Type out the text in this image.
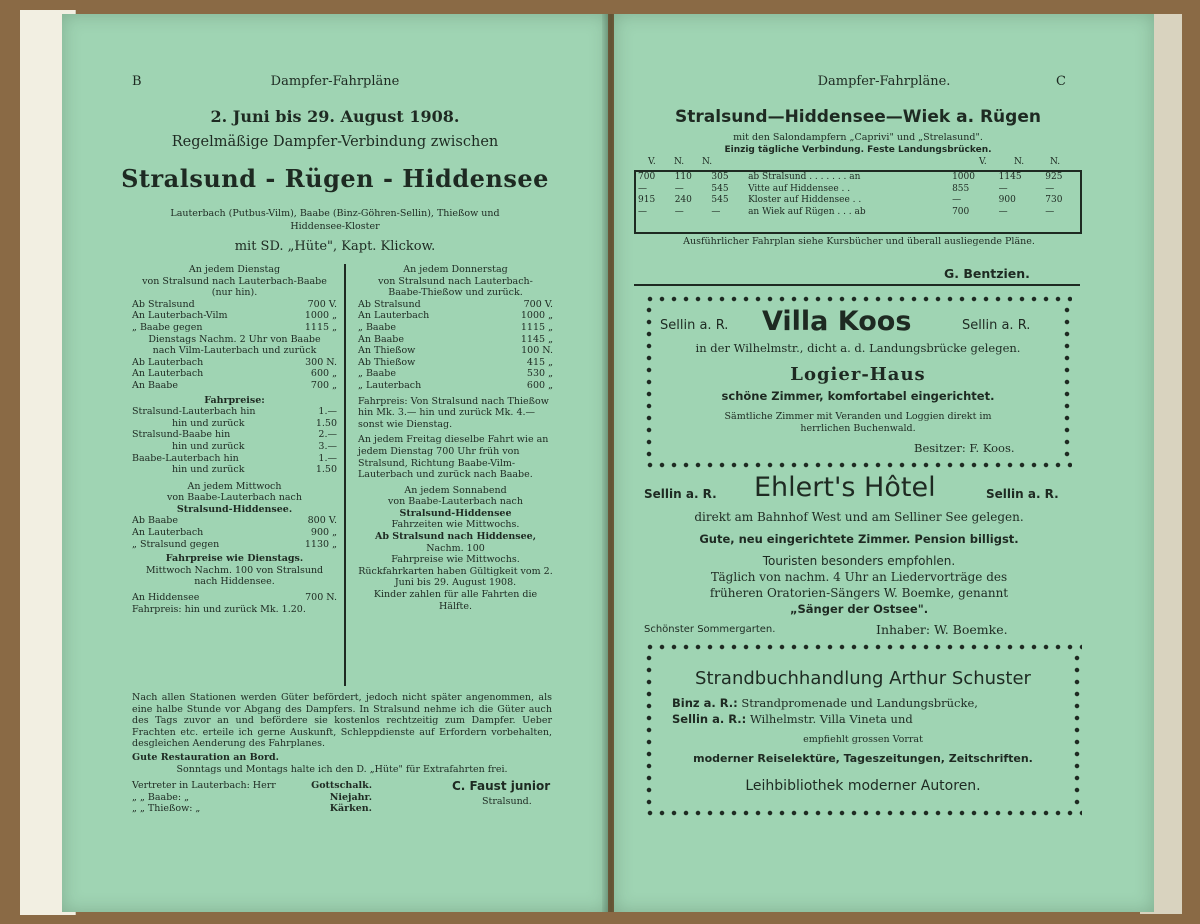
B	Dampfer-Fahrpläne
2. Juni bis 29. August 1908.
Regelmäßige Dampfer-Verbindung zwischen
Stralsund - Rügen - Hiddensee
Lauterbach (Putbus-Vilm), Baabe (Binz-Göhren-Sellin), Thießow und
Hiddensee-Kloster
mit SD. „Hüte", Kapt. Klickow.
An jedem Dienstag
von Stralsund nach Lauterbach-Baabe
(nur hin).
Ab Stralsund	700 V.
An Lauterbach-Vilm	1000 „
„ Baabe gegen	1115 „
Dienstags Nachm. 2 Uhr von Baabe
nach Vilm-Lauterbach und zurück
Ab Lauterbach	300 N.
An Lauterbach	600 „
An Baabe	700 „
Fahrpreise:
Stralsund-Lauterbach hin	1.—
hin und zurück	1.50
Stralsund-Baabe hin	2.—
hin und zurück	3.—
Baabe-Lauterbach hin	1.—
hin und zurück	1.50
An jedem Mittwoch
von Baabe-Lauterbach nach
Stralsund-Hiddensee.
Ab Baabe	800 V.
An Lauterbach	900 „
„ Stralsund gegen	1130 „
Fahrpreise wie Dienstags.
Mittwoch Nachm. 100 von Stralsund
nach Hiddensee.
An Hiddensee	700 N.
Fahrpreis: hin und zurück Mk. 1.20.
An jedem Donnerstag
von Stralsund nach Lauterbach-
Baabe-Thießow und zurück.
Ab Stralsund	700 V.
An Lauterbach	1000 „
„ Baabe	1115 „
An Baabe	1145 „
An Thießow	100 N.
Ab Thießow	415 „
„ Baabe	530 „
„ Lauterbach	600 „
Fahrpreis: Von Stralsund nach Thießow hin Mk. 3.— hin und zurück Mk. 4.— sonst wie Dienstag.
An jedem Freitag dieselbe Fahrt wie an jedem Dienstag 700 Uhr früh von Stralsund, Richtung Baabe-Vilm-Lauterbach und zurück nach Baabe.
An jedem Sonnabend
von Baabe-Lauterbach nach
Stralsund-Hiddensee
Fahrzeiten wie Mittwochs.
Ab Stralsund nach Hiddensee,
Nachm. 100
Fahrpreise wie Mittwochs.
Rückfahrkarten haben Gültigkeit vom 2. Juni bis 29. August 1908.
Kinder zahlen für alle Fahrten die Hälfte.
Nach allen Stationen werden Güter befördert, jedoch nicht später angenommen, als eine halbe Stunde vor Abgang des Dampfers. In Stralsund nehme ich die Güter auch des Tags zuvor an und befördere sie kostenlos rechtzeitig zum Dampfer. Ueber Frachten etc. erteile ich gerne Auskunft, Schleppdienste auf Erfordern vorbehalten, desgleichen Aenderung des Fahrplanes.
Gute Restauration an Bord.
Sonntags und Montags halte ich den D. „Hüte" für Extrafahrten frei.
Vertreter in Lauterbach: Herr	Gottschalk.
„ „ Baabe: „	Niejahr.
„ „ Thießow: „	Kärken.
C. Faust junior
Stralsund.
Dampfer-Fahrpläne.	C
Stralsund—Hiddensee—Wiek a. Rügen
mit den Salondampfern „Caprivi" und „Strelasund".
Einzig tägliche Verbindung. Feste Landungsbrücken.
V. N. N.	V.	N.	N.
700	110	305	ab Stralsund . . . . . . . an	1000	1145	925
—	—	545	Vitte auf Hiddensee . .	855	—	—
915	240	545	Kloster auf Hiddensee . .	—	900	730
—	—	—	an Wiek auf Rügen . . . ab	700	—	—
Ausführlicher Fahrplan siehe Kursbücher und überall ausliegende Pläne.
G. Bentzien.
Sellin a. R. Villa Koos	Sellin a. R.
in der Wilhelmstr., dicht a. d. Landungsbrücke gelegen.
Logier-Haus
schöne Zimmer, komfortabel eingerichtet.
Sämtliche Zimmer mit Veranden und Loggien direkt im
herrlichen Buchenwald.
Besitzer: F. Koos.
Sellin a. R. Ehlert's Hôtel	Sellin a. R.
direkt am Bahnhof West und am Selliner See gelegen.
Gute, neu eingerichtete Zimmer. Pension billigst.
Touristen besonders empfohlen.
Täglich von nachm. 4 Uhr an Liedervorträge des
früheren Oratorien-Sängers W. Boemke, genannt
„Sänger der Ostsee".
Schönster Sommergarten.	Inhaber: W. Boemke.
Strandbuchhandlung Arthur Schuster
Binz a. R.: Strandpromenade und Landungsbrücke,
Sellin a. R.: Wilhelmstr. Villa Vineta und
empfiehlt grossen Vorrat
moderner Reiselektüre, Tageszeitungen, Zeitschriften.
Leihbibliothek moderner Autoren.
